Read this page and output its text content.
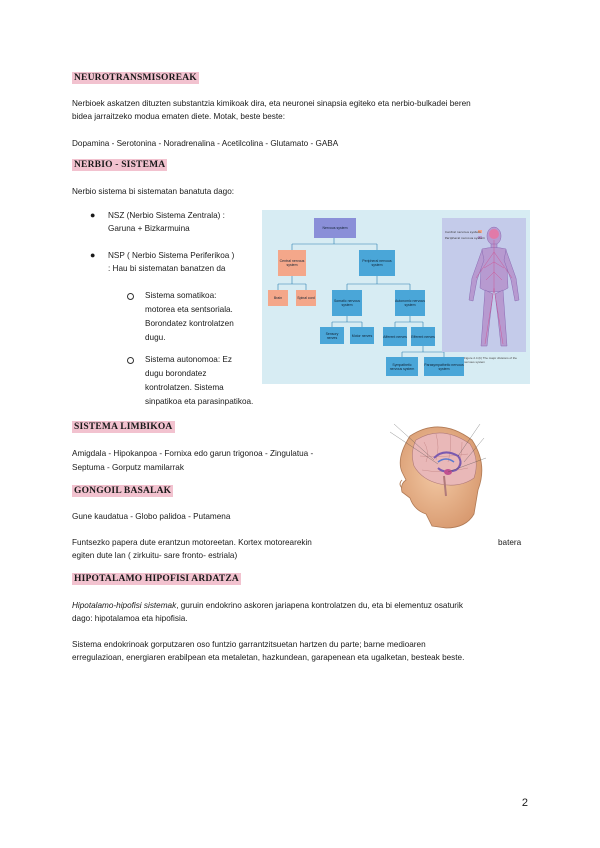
NEUROTRANSMISOREAK

Nerbioek askatzen dituzten substantzia kimikoak dira, eta neuronei sinapsia egiteko eta nerbio-bulkadei beren

bidea jarraitzeko modua ematen diete. Motak, beste beste:

Dopamina - Serotonina - Noradrenalina - Acetilcolina - Glutamato - GABA

NERBIO - SISTEMA

Nerbio sistema bi sistematan banatuta dago:

● NSZ (Nerbio Sistema Zentrala) :

Garuna + Bizkarmuina

● NSP ( Nerbio Sistema Periferikoa )

: Hau bi sistematan banatzen da

Sistema somatikoa:

motorea eta sentsoriala.

Borondatez kontrolatzen

dugu.

Sistema autonomoa: Ez

dugu borondatez

kontrolatzen. Sistema

sinpatikoa eta parasinpatikoa.

Nervous system
Central nervous system
Peripheral nervous system
Brain	Spinal cord
Somatic nervous system
Autonomic nervous system
Sensory nerves	Motor nerves	Afferent nerves Efferent nerves
Sympathetic nervous system
Parasympathetic nervous system
Central nervous system
Peripheral nervous system
Figure 2.4 (b) The major divisions of the nervous system
SISTEMA LIMBIKOA

Amigdala - Hipokanpoa - Fornixa edo garun trigonoa - Zingulatua -

Septuma - Gorputz mamilarrak

GONGOIL BASALAK

Gune kaudatua - Globo palidoa - Putamena

Funtsezko papera dute erantzun motoreetan. Kortex motorearekin	batera

egiten dute lan ( zirkuitu- sare fronto- estriala)

HIPOTALAMO HIPOFISI ARDATZA

Hipotalamo-hipofisi sistemak, guruin endokrino askoren jariapena kontrolatzen du, eta bi elementuz osaturik

dago: hipotalamoa eta hipofisia.

Sistema endokrinoak gorputzaren oso funtzio garrantzitsuetan hartzen du parte; barne medioaren

erregulazioan, energiaren erabilpean eta metaletan, hazkundean, garapenean eta ugalketan, besteak beste.

2
